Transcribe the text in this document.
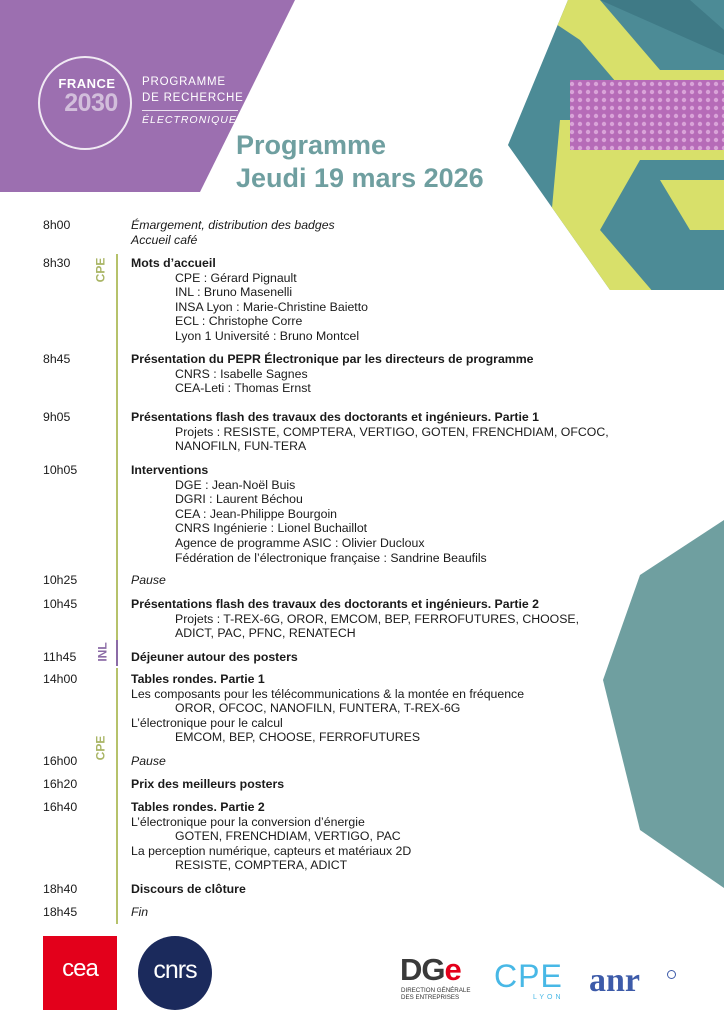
FRANCE
2030
PROGRAMME
DE RECHERCHE
ÉLECTRONIQUE
Programme
Jeudi 19 mars 2026
CPE
INL
CPE
8h00	Émargement, distribution des badges
Accueil café
8h30	Mots d’accueil
CPE : Gérard Pignault
INL : Bruno Masenelli
INSA Lyon : Marie-Christine Baietto
ECL : Christophe Corre
Lyon 1 Université : Bruno Montcel
8h45	Présentation du PEPR Électronique par les directeurs de programme
CNRS : Isabelle Sagnes
CEA-Leti : Thomas Ernst
9h05	Présentations flash des travaux des doctorants et ingénieurs. Partie 1
Projets : RESISTE, COMPTERA, VERTIGO, GOTEN, FRENCHDIAM, OFCOC,
NANOFILN, FUN-TERA
10h05	Interventions
DGE : Jean-Noël Buis
DGRI : Laurent Béchou
CEA : Jean-Philippe Bourgoin
CNRS Ingénierie : Lionel Buchaillot
Agence de programme ASIC : Olivier Ducloux
Fédération de l’électronique française : Sandrine Beaufils
10h25	Pause
10h45	Présentations flash des travaux des doctorants et ingénieurs. Partie 2
Projets : T-REX-6G, OROR, EMCOM, BEP, FERROFUTURES, CHOOSE,
ADICT, PAC, PFNC, RENATECH
11h45	Déjeuner autour des posters
14h00	Tables rondes. Partie 1
Les composants pour les télécommunications & la montée en fréquence
OROR, OFCOC, NANOFILN, FUNTERA, T-REX-6G
L’électronique pour le calcul
EMCOM, BEP, CHOOSE, FERROFUTURES
16h00	Pause
16h20	Prix des meilleurs posters
16h40	Tables rondes. Partie 2
L’électronique pour la conversion d’énergie
GOTEN, FRENCHDIAM, VERTIGO, PAC
La perception numérique, capteurs et matériaux 2D
RESISTE, COMPTERA, ADICT
18h40	Discours de clôture
18h45	Fin
cea	cnrs	DGe
DIRECTION GÉNÉRALE
DES ENTREPRISES
CPE
LYON anr
